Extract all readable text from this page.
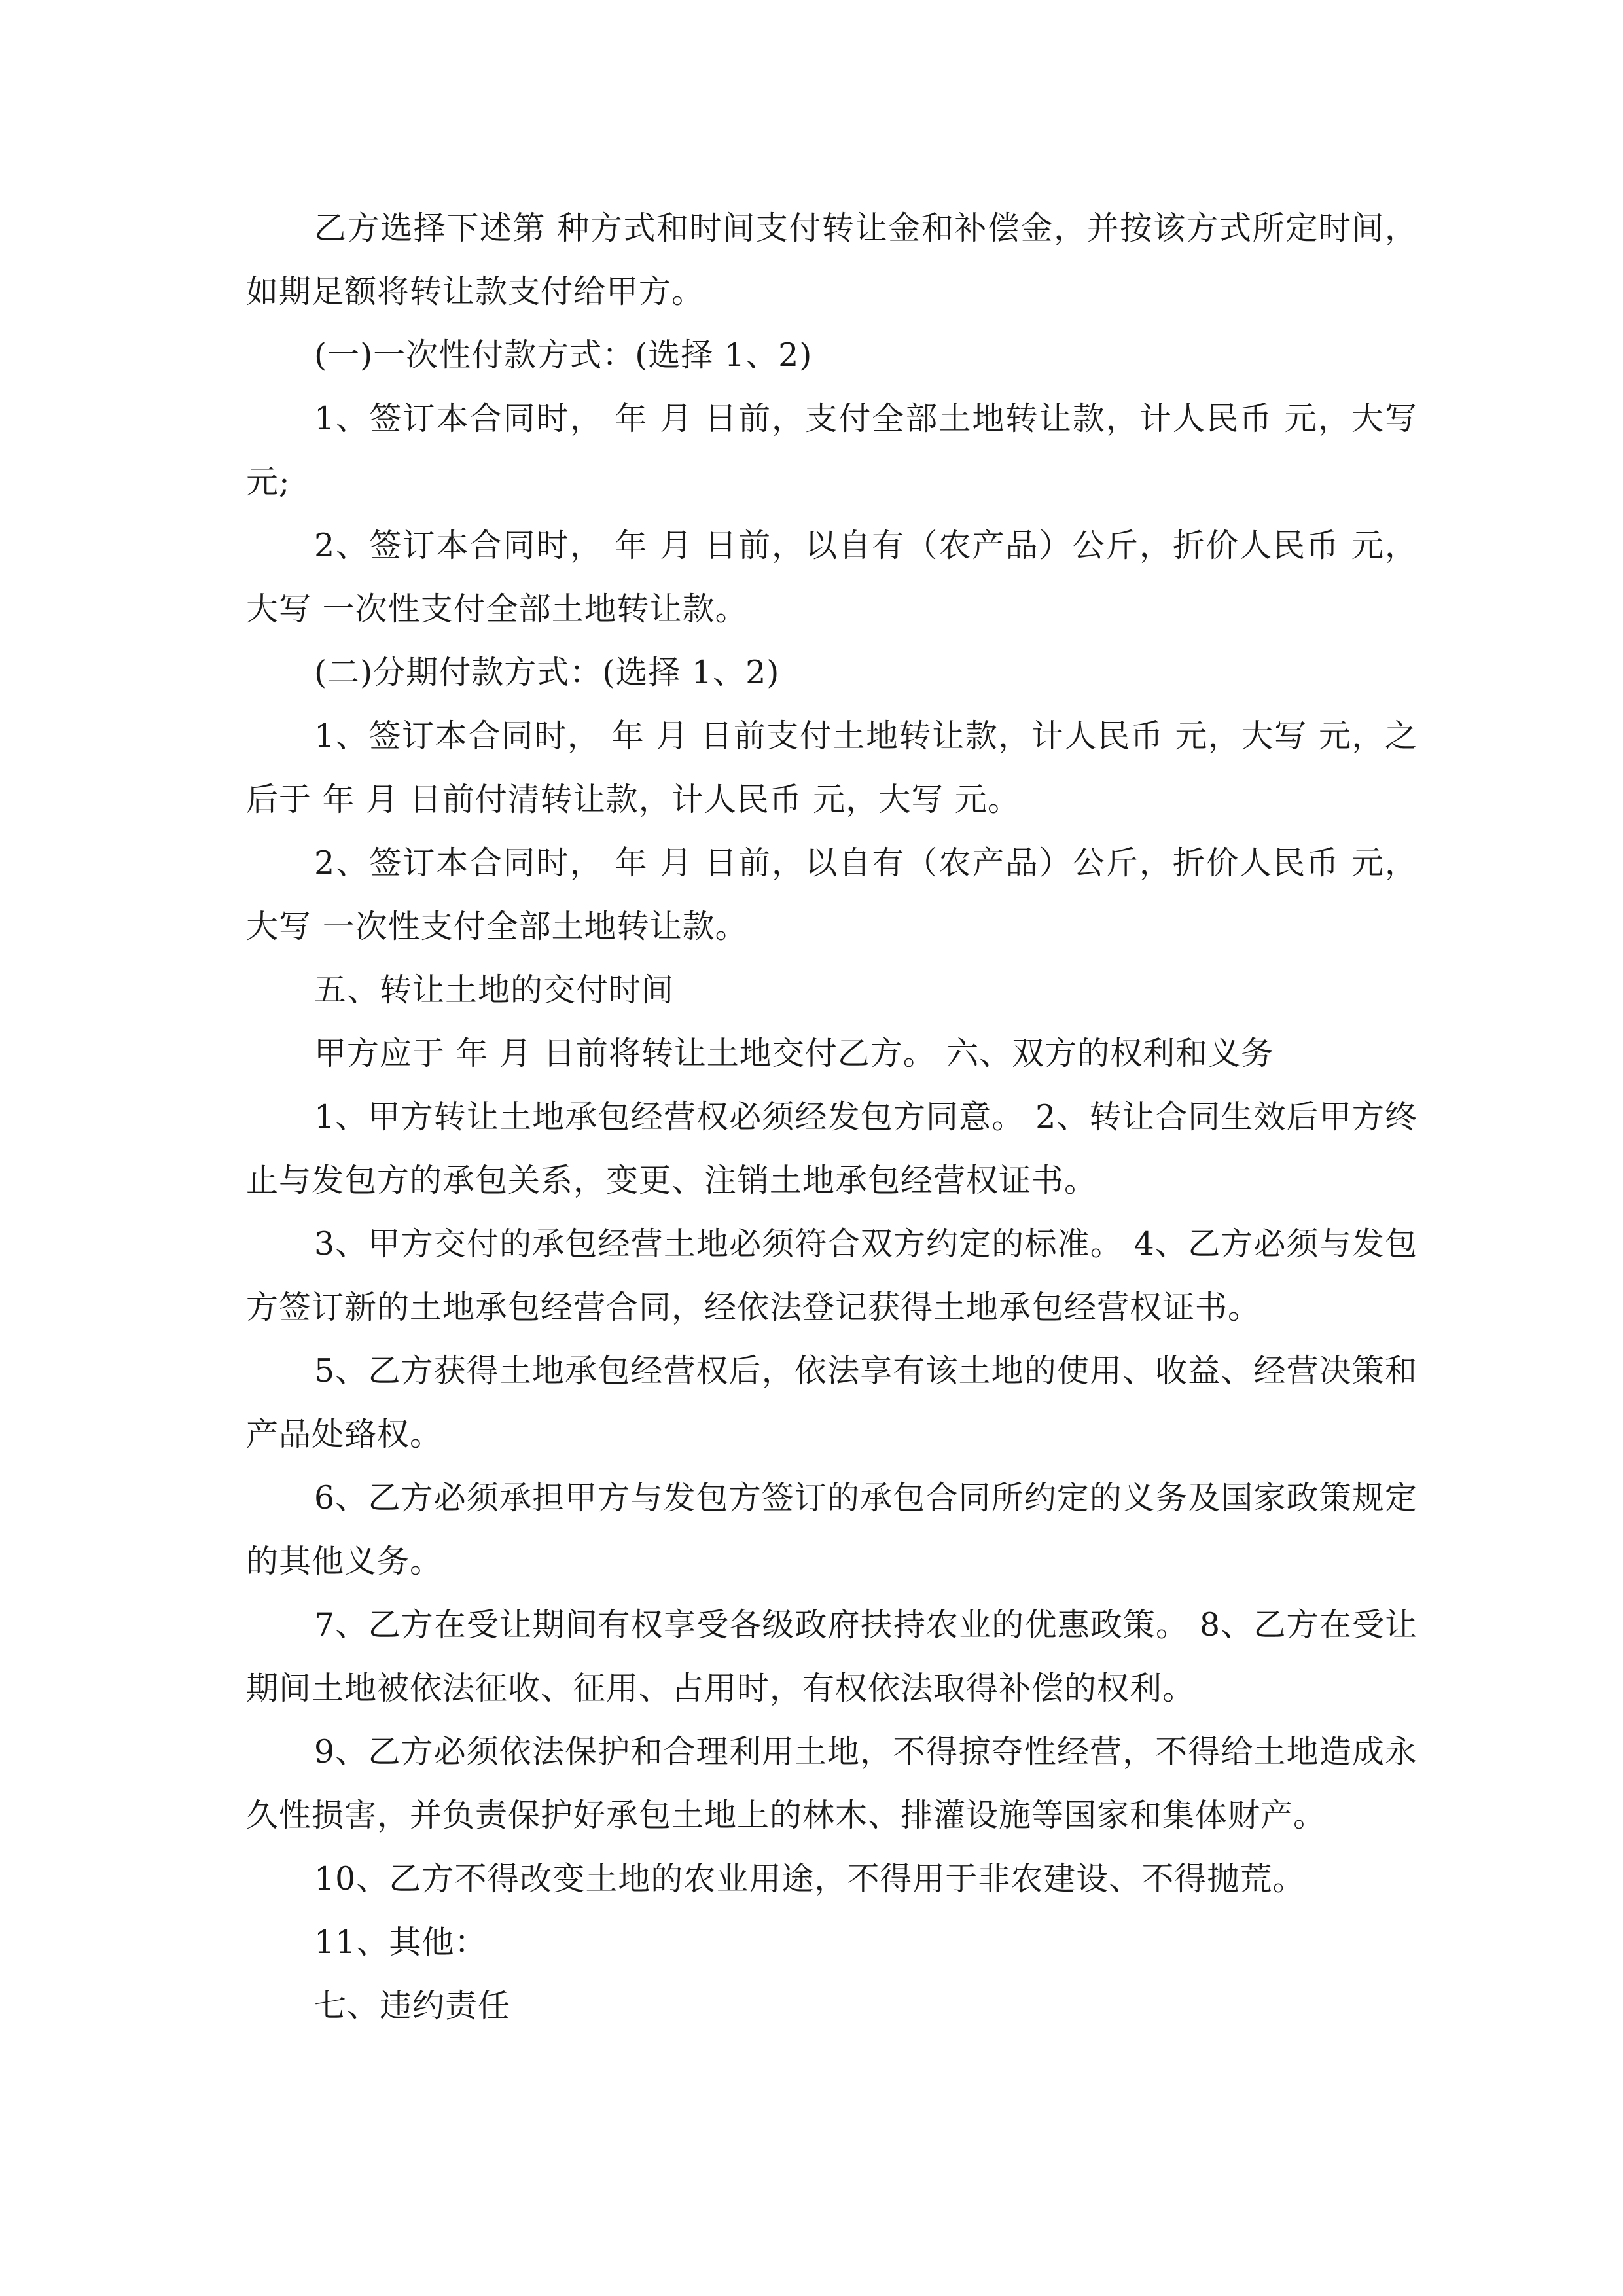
乙方选择下述第 种方式和时间支付转让金和补偿金，并按该方式所定时间，如期足额将转让款支付给甲方。

(一)一次性付款方式：(选择 1、2)

1、签订本合同时， 年 月 日前，支付全部土地转让款，计人民币 元，大写 元;

2、签订本合同时， 年 月 日前，以自有（农产品）公斤，折价人民币 元，大写 一次性支付全部土地转让款。

(二)分期付款方式：(选择 1、2)

1、签订本合同时， 年 月 日前支付土地转让款，计人民币 元，大写 元，之后于 年 月 日前付清转让款，计人民币 元，大写 元。

2、签订本合同时， 年 月 日前，以自有（农产品）公斤，折价人民币 元，大写 一次性支付全部土地转让款。

五、转让土地的交付时间

甲方应于 年 月 日前将转让土地交付乙方。 六、双方的权利和义务

1、甲方转让土地承包经营权必须经发包方同意。 2、转让合同生效后甲方终止与发包方的承包关系，变更、注销土地承包经营权证书。

3、甲方交付的承包经营土地必须符合双方约定的标准。 4、乙方必须与发包方签订新的土地承包经营合同，经依法登记获得土地承包经营权证书。

5、乙方获得土地承包经营权后，依法享有该土地的使用、收益、经营决策和产品处臵权。

6、乙方必须承担甲方与发包方签订的承包合同所约定的义务及国家政策规定的其他义务。

7、乙方在受让期间有权享受各级政府扶持农业的优惠政策。 8、乙方在受让期间土地被依法征收、征用、占用时，有权依法取得补偿的权利。

9、乙方必须依法保护和合理利用土地，不得掠夺性经营，不得给土地造成永久性损害，并负责保护好承包土地上的林木、排灌设施等国家和集体财产。

10、乙方不得改变土地的农业用途，不得用于非农建设、不得抛荒。

11、其他：

七、违约责任
